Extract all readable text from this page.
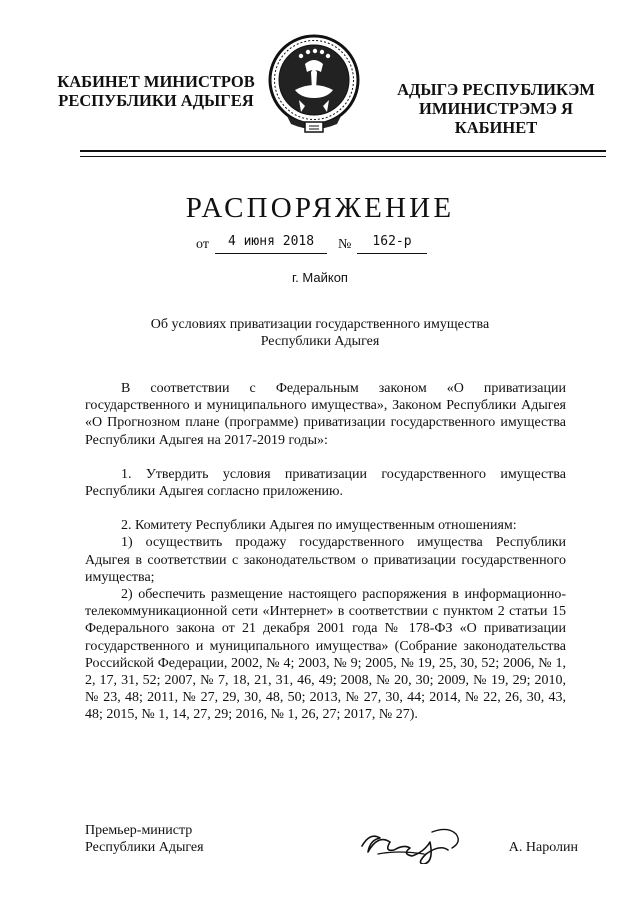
КАБИНЕТ МИНИСТРОВ
РЕСПУБЛИКИ АДЫГЕЯ
АДЫГЭ РЕСПУБЛИКЭМ
ИМИНИСТРЭМЭ Я КАБИНЕТ
РАСПОРЯЖЕНИЕ
от	4 июня 2018	№	162-р
г. Майкоп
Об условиях приватизации государственного имущества
Республики Адыгея

В соответствии с Федеральным законом «О приватизации государственного и муниципального имущества», Законом Республики Адыгея «О Прогнозном плане (программе) приватизации государственного имущества Республики Адыгея на 2017-2019 годы»:

1. Утвердить условия приватизации государственного имущества Республики Адыгея согласно приложению.

2. Комитету Республики Адыгея по имущественным отношениям:

1) осуществить продажу государственного имущества Республики Адыгея в соответствии с законодательством о приватизации государственного имущества;

2) обеспечить размещение настоящего распоряжения в информационно-телекоммуникационной сети «Интернет» в соответствии с пунктом 2 статьи 15 Федерального закона от 21 декабря 2001 года № 178-ФЗ «О приватизации государственного и муниципального имущества» (Собрание законодательства Российской Федерации, 2002, № 4; 2003, № 9; 2005, № 19, 25, 30, 52; 2006, № 1, 2, 17, 31, 52; 2007, № 7, 18, 21, 31, 46, 49; 2008, № 20, 30; 2009, № 19, 29; 2010, № 23, 48; 2011, № 27, 29, 30, 48, 50; 2013, № 27, 30, 44; 2014, № 22, 26, 30, 43, 48; 2015, № 1, 14, 27, 29; 2016, № 1, 26, 27; 2017, № 27).

Премьер-министр
Республики Адыгея	А. Наролин
